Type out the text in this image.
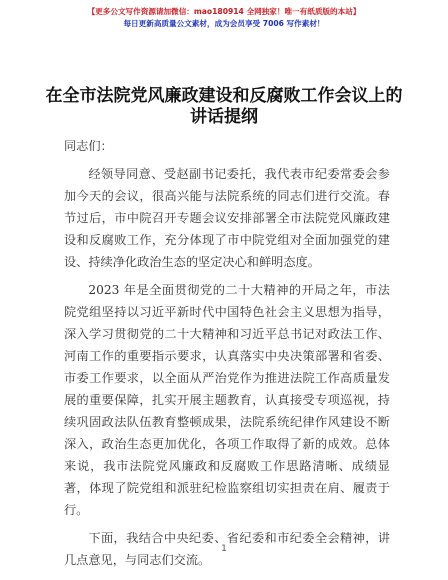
【更多公文写作资源请加微信：mao180914 全网独家！唯一有纸质版的本站】
每日更新高质量公文素材，成为会员享受 7006 写作素材！
在全市法院党风廉政建设和反腐败工作会议上的讲话提纲

同志们：

经领导同意、受赵副书记委托，我代表市纪委常委会参加今天的会议，很高兴能与法院系统的同志们进行交流。春节过后，市中院召开专题会议安排部署全市法院党风廉政建设和反腐败工作，充分体现了市中院党组对全面加强党的建设、持续净化政治生态的坚定决心和鲜明态度。

2023 年是全面贯彻党的二十大精神的开局之年，市法院党组坚持以习近平新时代中国特色社会主义思想为指导，深入学习贯彻党的二十大精神和习近平总书记对政法工作、河南工作的重要指示要求，认真落实中央决策部署和省委、市委工作要求，以全面从严治党作为推进法院工作高质量发展的重要保障，扎实开展主题教育，认真接受专项巡视，持续巩固政法队伍教育整顿成果，法院系统纪律作风建设不断深入，政治生态更加优化，各项工作取得了新的成效。总体来说，我市法院党风廉政和反腐败工作思路清晰、成绩显著，体现了院党组和派驻纪检监察组切实担责在肩、履责于行。

下面，我结合中央纪委、省纪委和市纪委全会精神，讲几点意见，与同志们交流。

1
